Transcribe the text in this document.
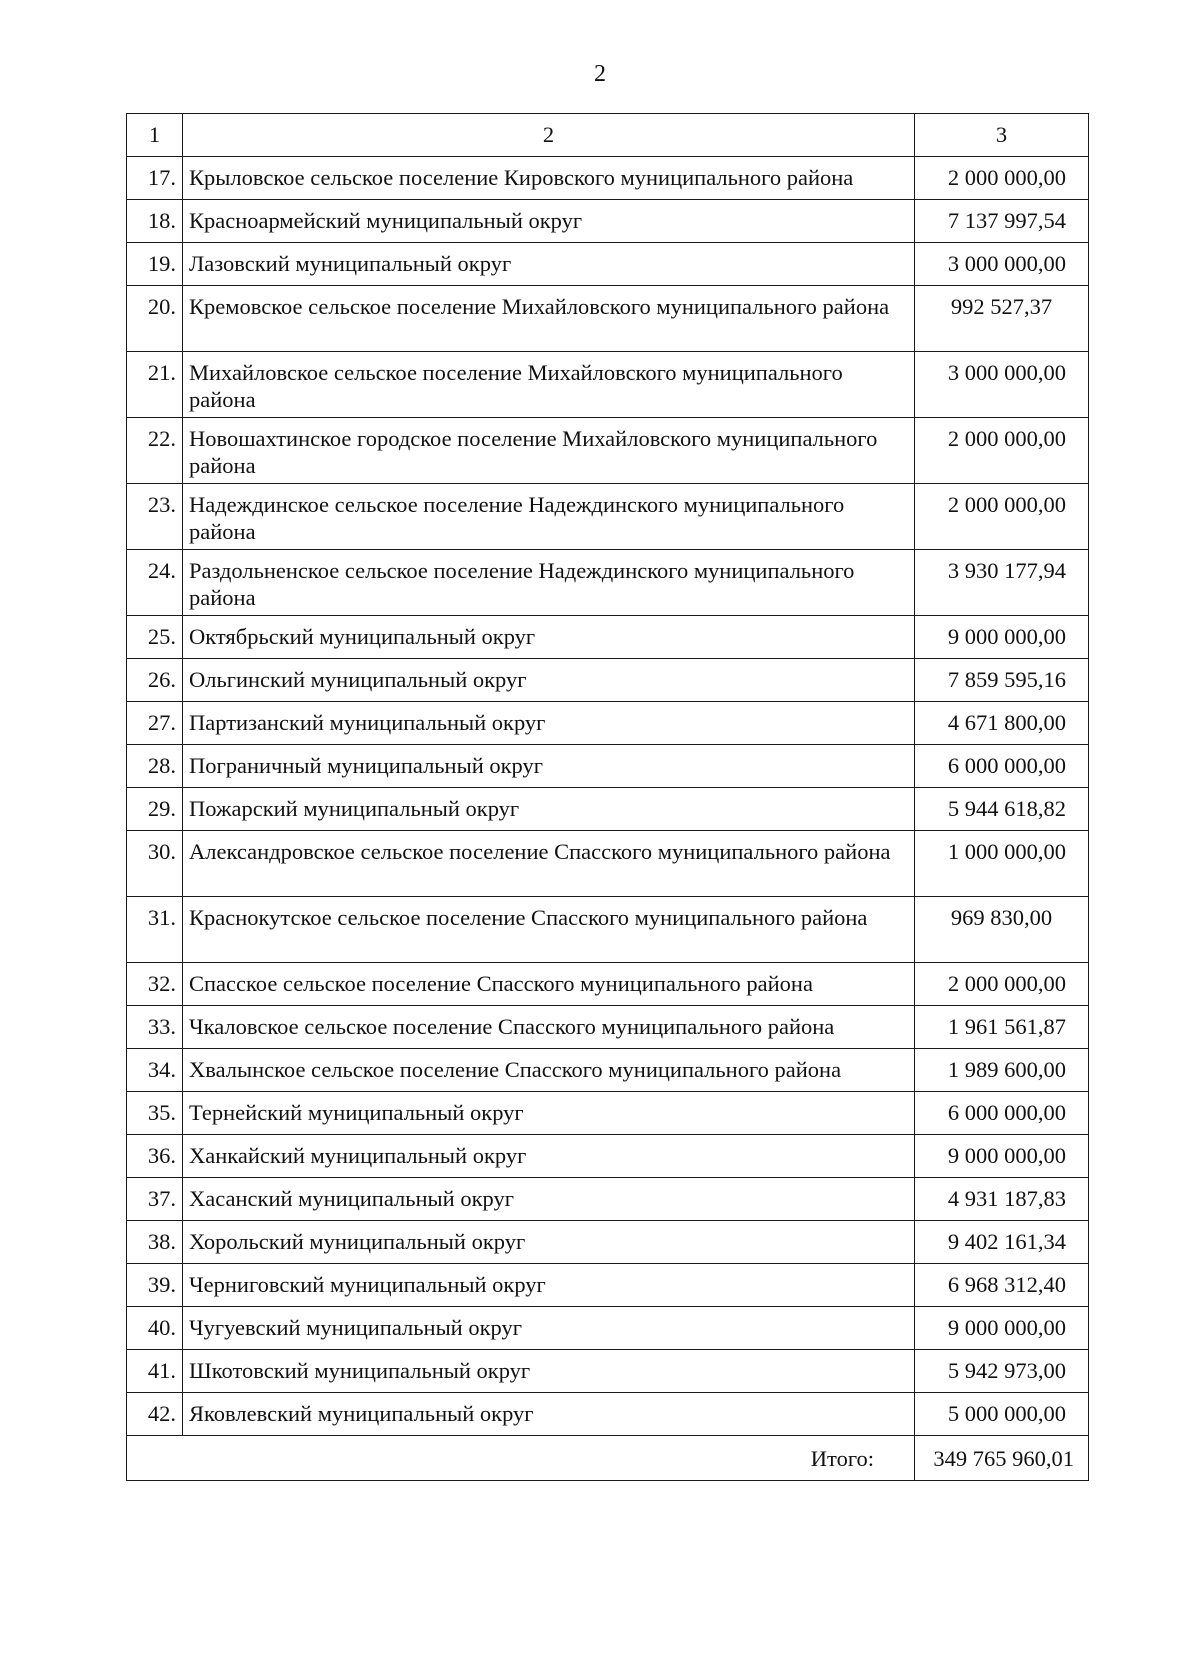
2
1	2	3
17.	Крыловское сельское поселение Кировского муниципального района	2 000 000,00
18.	Красноармейский муниципальный округ	7 137 997,54
19.	Лазовский муниципальный округ	3 000 000,00
20.	Кремовское сельское поселение Михайловского муниципального района	992 527,37
21.	Михайловское сельское поселение Михайловского муниципального района	3 000 000,00
22.	Новошахтинское городское поселение Михайловского муниципального района	2 000 000,00
23.	Надеждинское сельское поселение Надеждинского муниципального района	2 000 000,00
24.	Раздольненское сельское поселение Надеждинского муниципального района	3 930 177,94
25.	Октябрьский муниципальный округ	9 000 000,00
26.	Ольгинский муниципальный округ	7 859 595,16
27.	Партизанский муниципальный округ	4 671 800,00
28.	Пограничный муниципальный округ	6 000 000,00
29.	Пожарский муниципальный округ	5 944 618,82
30.	Александровское сельское поселение Спасского муниципального района	1 000 000,00
31.	Краснокутское сельское поселение Спасского муниципального района	969 830,00
32.	Спасское сельское поселение Спасского муниципального района	2 000 000,00
33.	Чкаловское сельское поселение Спасского муниципального района	1 961 561,87
34.	Хвалынское сельское поселение Спасского муниципального района	1 989 600,00
35.	Тернейский муниципальный округ	6 000 000,00
36.	Ханкайский муниципальный округ	9 000 000,00
37.	Хасанский муниципальный округ	4 931 187,83
38.	Хорольский муниципальный округ	9 402 161,34
39.	Черниговский муниципальный округ	6 968 312,40
40.	Чугуевский муниципальный округ	9 000 000,00
41.	Шкотовский муниципальный округ	5 942 973,00
42.	Яковлевский муниципальный округ	5 000 000,00
Итого:		349 765 960,01
